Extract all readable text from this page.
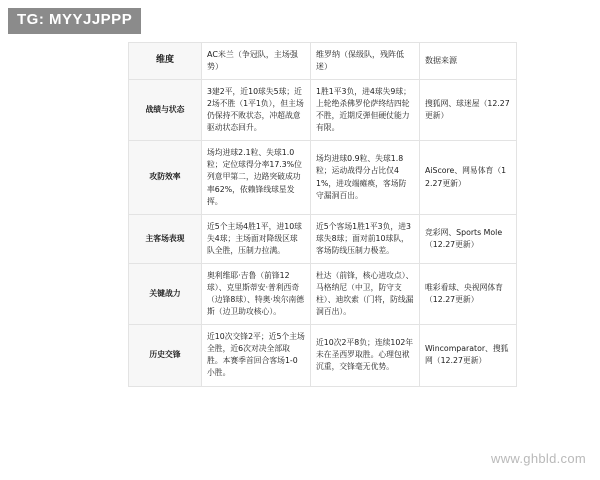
TG: MYYJJPPP
维度	AC米兰（争冠队，主场强势）	维罗纳（保级队，残阵低迷）	数据来源
战绩与状态	3建2平，近10球失5球；近2场不胜（1平1负），但主场仍保持不败状态，冲超战意驱动状态回升。	1胜1平3负，进4球失9球；上轮绝杀佛罗伦萨终结四轮不胜，近期反弹但硬仗能力有限。	搜狐网、球迷屋（12.27更新）
攻防效率	场均进球2.1粒、失球1.0粒；定位球得分率17.3%位列意甲第二，边路突破成功率62%，依赖锋线球星发挥。	场均进球0.9粒、失球1.8粒；运动战得分占比仅41%，进攻端瘫痪，客场防守漏洞百出。	AiScore、网易体育（12.27更新）
主客场表现	近5个主场4胜1平，进10球失4球；主场面对降级区球队全胜，压制力拉满。	近5个客场1胜1平3负，进3球失8球；面对前10球队，客场防线压制力极差。	竞彩网、Sports Mole（12.27更新）
关键战力	奥利维耶·吉鲁（前锋12球）、克里斯蒂安·普利西奇（边锋8球）、特奥·埃尔南德斯（边卫助攻核心）。	杜达（前锋，核心进攻点）、马格纳尼（中卫，防守支柱）、迪坎索（门将，防线漏洞百出）。	唯彩看球、央视网体育（12.27更新）
历史交锋	近10次交锋2平；近5个主场全胜，近6次对决全部取胜。本赛季首回合客场1-0小胜。	近10次2平8负；连续102年未在圣西罗取胜。心理包袱沉重，交锋毫无优势。	Wincomparator、搜狐网（12.27更新）
www.ghbld.com
